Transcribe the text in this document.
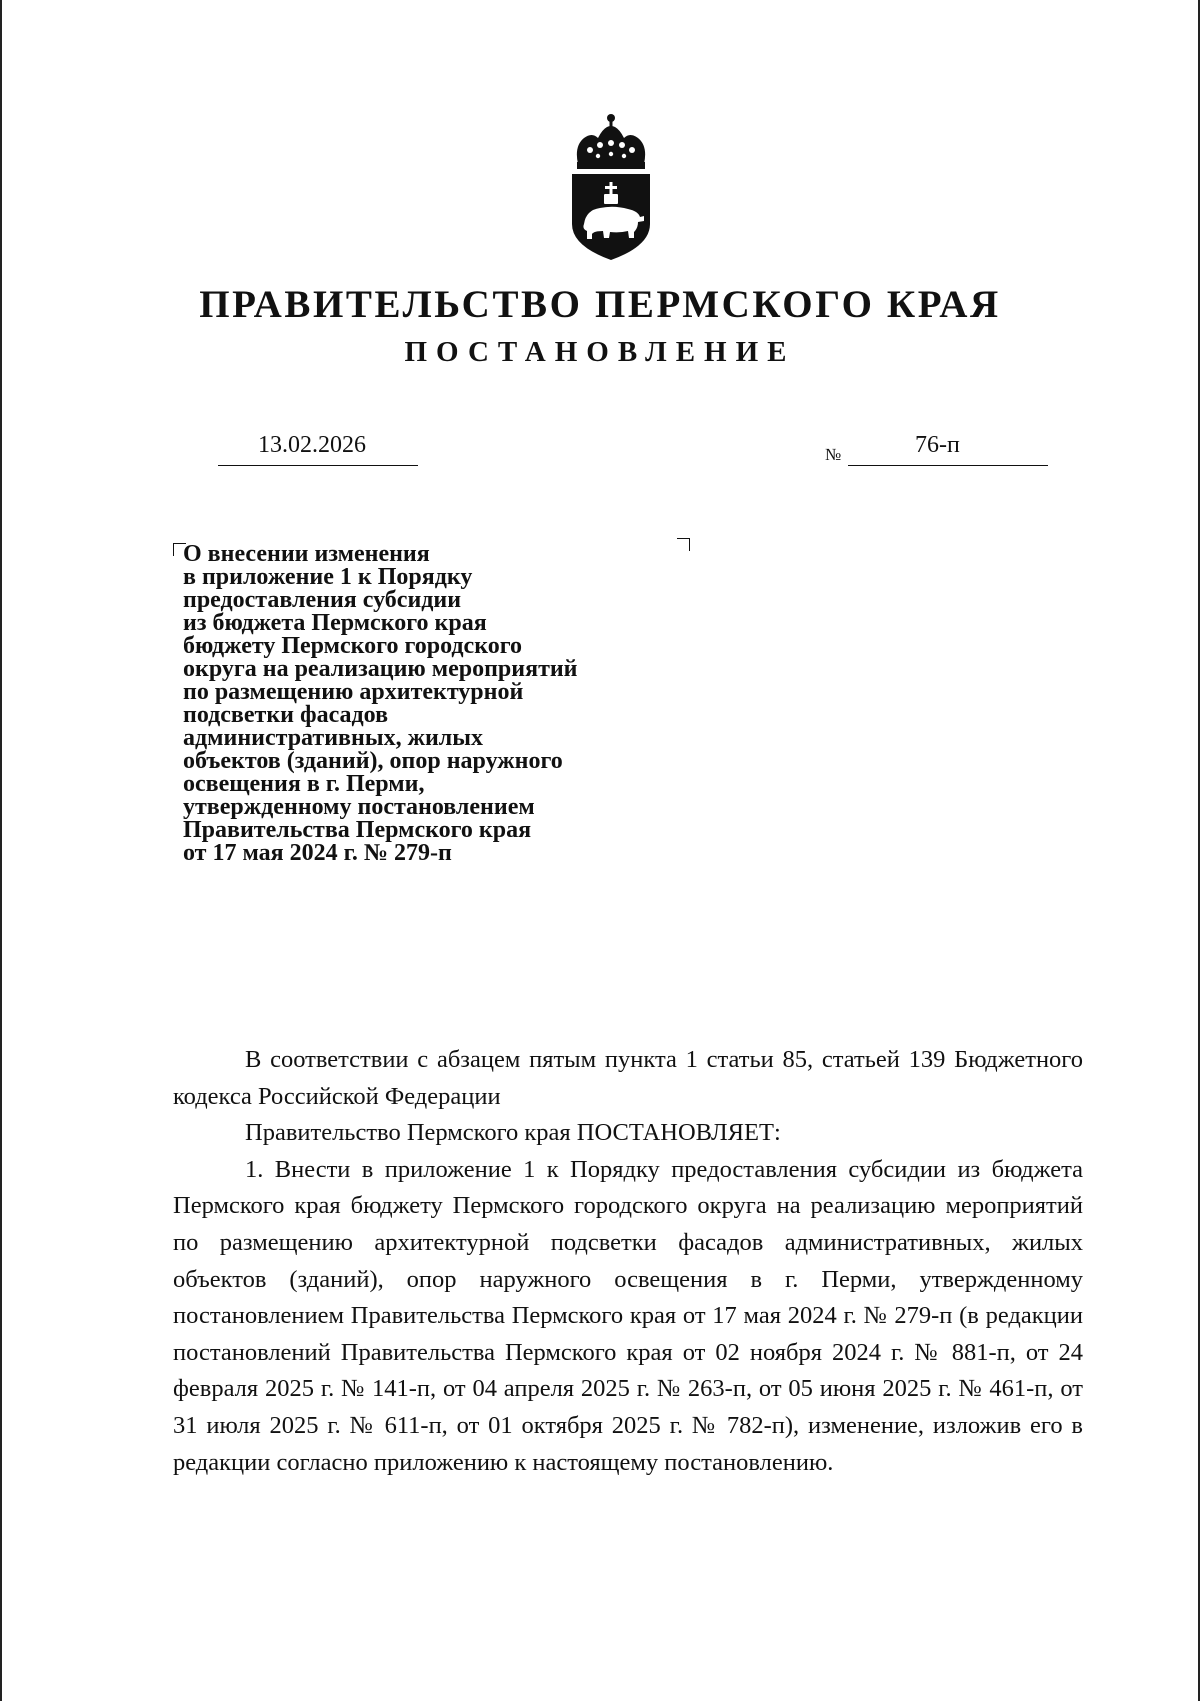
ПРАВИТЕЛЬСТВО ПЕРМСКОГО КРАЯ
ПОСТАНОВЛЕНИЕ
13.02.2026	№	76-п
О внесении изменения
в приложение 1 к Порядку
предоставления субсидии
из бюджета Пермского края
бюджету Пермского городского
округа на реализацию мероприятий
по размещению архитектурной
подсветки фасадов
административных, жилых
объектов (зданий), опор наружного
освещения в г. Перми,
утвержденному постановлением
Правительства Пермского края
от 17 мая 2024 г. № 279-п

В соответствии с абзацем пятым пункта 1 статьи 85, статьей 139 Бюджетного кодекса Российской Федерации

Правительство Пермского края ПОСТАНОВЛЯЕТ:

1. Внести в приложение 1 к Порядку предоставления субсидии из бюджета Пермского края бюджету Пермского городского округа на реализацию мероприятий по размещению архитектурной подсветки фасадов административных, жилых объектов (зданий), опор наружного освещения в г. Перми, утвержденному постановлением Правительства Пермского края от 17 мая 2024 г. № 279-п (в редакции постановлений Правительства Пермского края от 02 ноября 2024 г. № 881-п, от 24 февраля 2025 г. № 141-п, от 04 апреля 2025 г. № 263-п, от 05 июня 2025 г. № 461-п, от 31 июля 2025 г. № 611-п, от 01 октября 2025 г. № 782-п), изменение, изложив его в редакции согласно приложению к настоящему постановлению.
